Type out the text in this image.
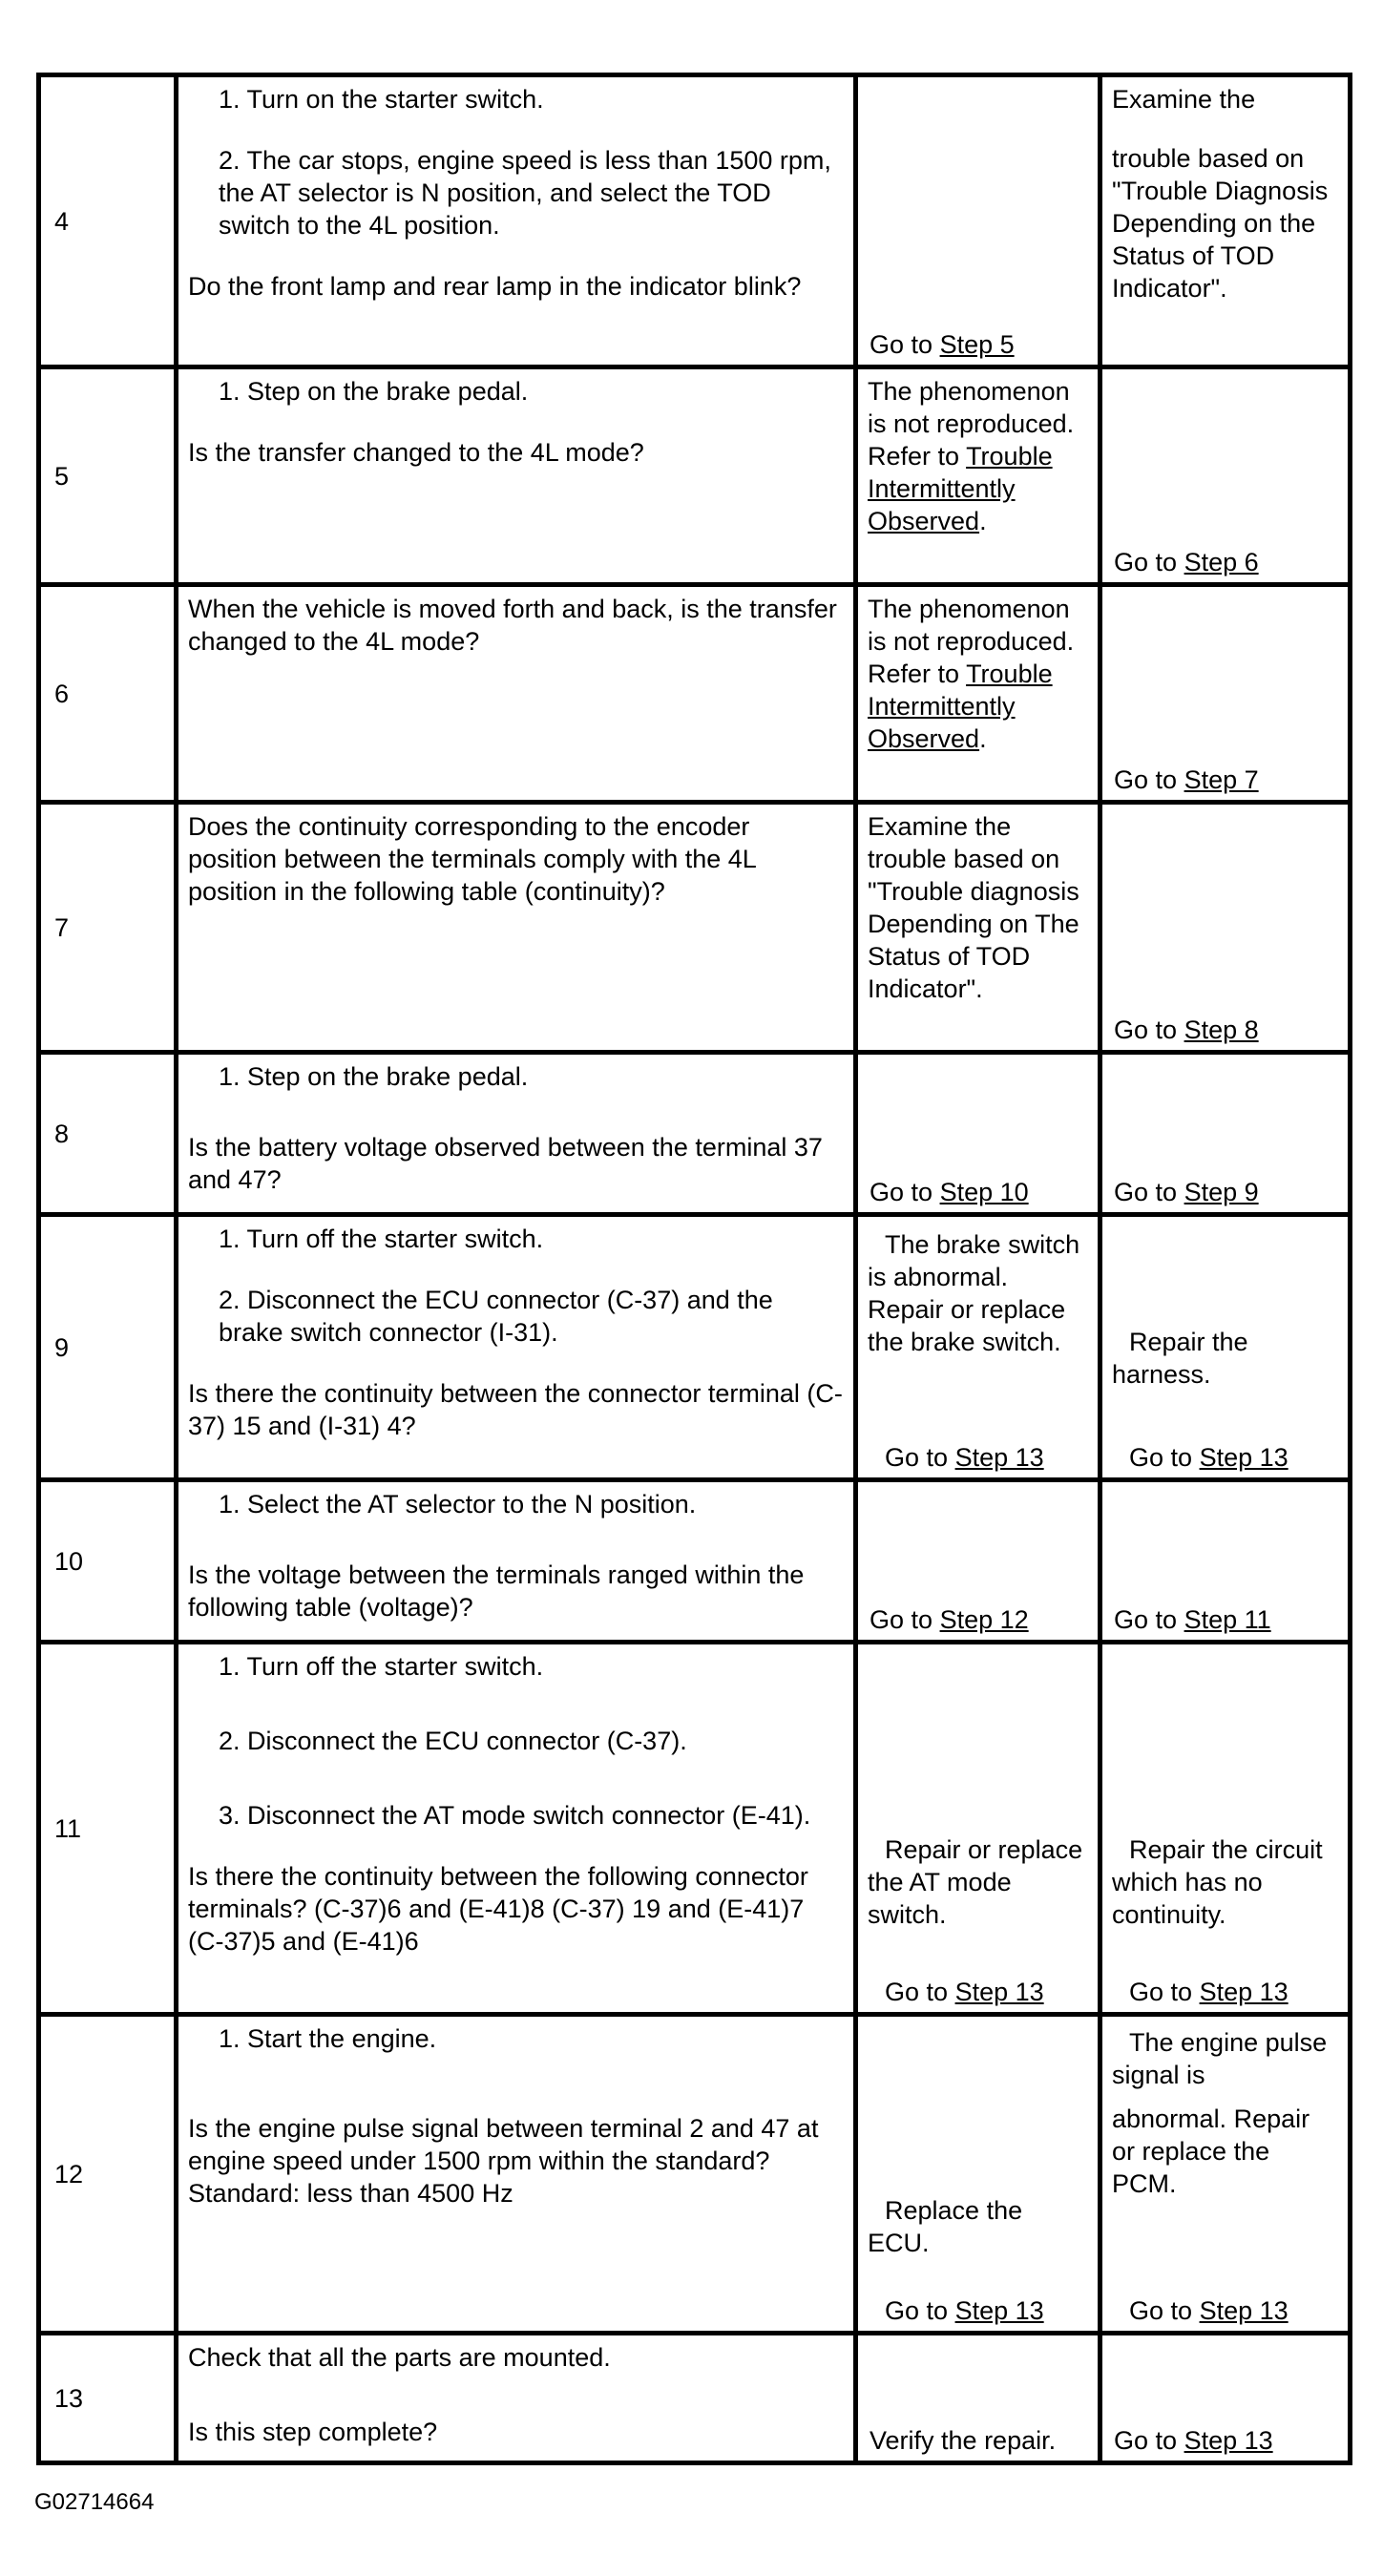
4	1. Turn on the starter switch.
2. The car stops, engine speed is less than 1500 rpm, the AT selector is N position, and select the TOD switch to the 4L position.
Do the front lamp and rear lamp in the indicator blink?	Go to Step 5	Examine the
trouble based on "Trouble Diagnosis Depending on the Status of TOD Indicator".

5	1. Step on the brake pedal.
Is the transfer changed to the 4L mode?	The phenomenon is not reproduced. Refer to Trouble Intermittently Observed.	Go to Step 6

6	When the vehicle is moved forth and back, is the transfer changed to the 4L mode?	The phenomenon is not reproduced. Refer to Trouble Intermittently Observed.	Go to Step 7

7	Does the continuity corresponding to the encoder position between the terminals comply with the 4L position in the following table (continuity)?	Examine the trouble based on "Trouble diagnosis Depending on The Status of TOD Indicator".	Go to Step 8

8	1. Step on the brake pedal.
Is the battery voltage observed between the terminal 37 and 47?	Go to Step 10	Go to Step 9

9	1. Turn off the starter switch.
2. Disconnect the ECU connector (C-37) and the brake switch connector (I-31).
Is there the continuity between the connector terminal (C-37) 15 and (I-31) 4?	The brake switch is abnormal. Repair or replace the brake switch.
Go to Step 13	Repair the harness.
Go to Step 13

10	1. Select the AT selector to the N position.
Is the voltage between the terminals ranged within the following table (voltage)?	Go to Step 12	Go to Step 11

11	1. Turn off the starter switch.
2. Disconnect the ECU connector (C-37).
3. Disconnect the AT mode switch connector (E-41).
Is there the continuity between the following connector terminals? (C-37)6 and (E-41)8 (C-37) 19 and (E-41)7 (C-37)5 and (E-41)6	Repair or replace the AT mode switch.
Go to Step 13	Repair the circuit which has no continuity.
Go to Step 13

12	1. Start the engine.
Is the engine pulse signal between terminal 2 and 47 at engine speed under 1500 rpm within the standard? Standard: less than 4500 Hz	Replace the ECU.
Go to Step 13	The engine pulse signal is
abnormal. Repair or replace the PCM.
Go to Step 13

13	Check that all the parts are mounted.
Is this step complete?	Verify the repair.	Go to Step 13
G02714664
